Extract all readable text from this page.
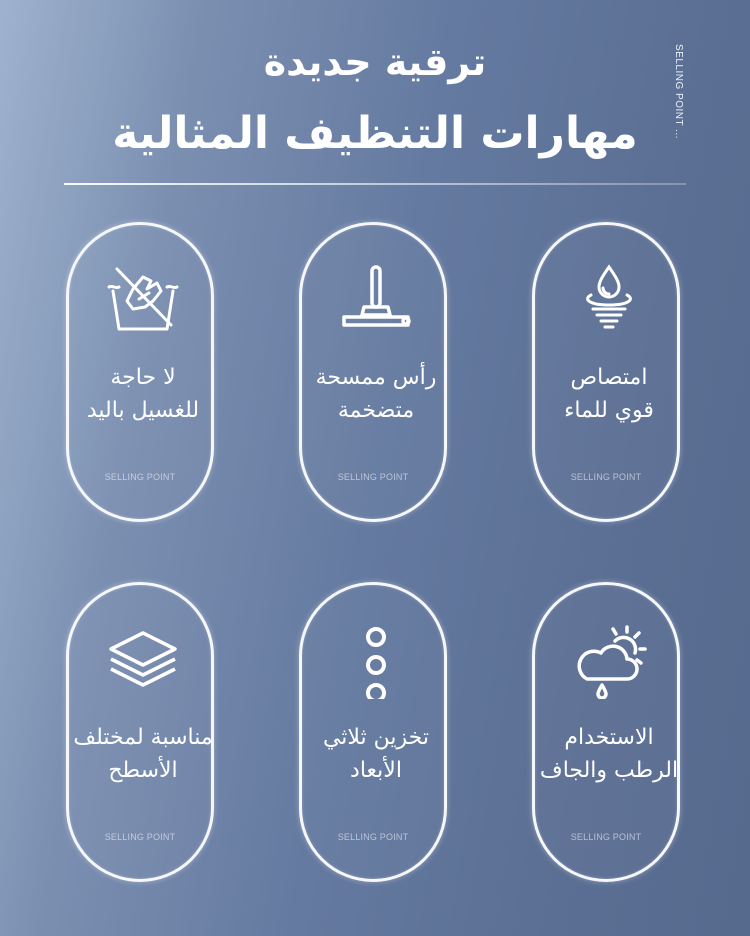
ترقية جديدة
مهارات التنظيف المثالية	SELLING POINT ...
امتصاص
قوي للماء
SELLING POINT
رأس ممسحة
متضخمة
SELLING POINT
لا حاجة
للغسيل باليد
SELLING POINT
الاستخدام
الرطب والجاف
SELLING POINT
تخزين ثلاثي
الأبعاد
SELLING POINT
مناسبة لمختلف
الأسطح
SELLING POINT
